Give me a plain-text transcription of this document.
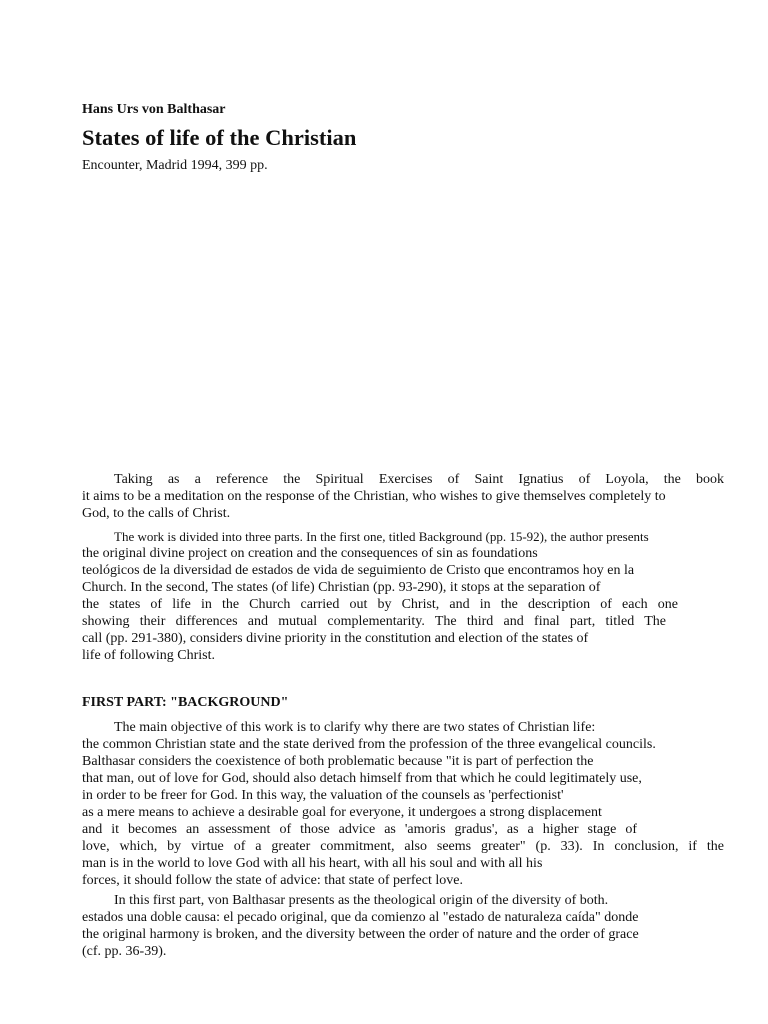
Hans Urs von Balthasar
States of life of the Christian
Encounter, Madrid 1994, 399 pp.
Taking as a reference the Spiritual Exercises of Saint Ignatius of Loyola, the book
it aims to be a meditation on the response of the Christian, who wishes to give themselves completely to
God, to the calls of Christ.
The work is divided into three parts. In the first one, titled Background (pp. 15-92), the author presents
the original divine project on creation and the consequences of sin as foundations
teológicos de la diversidad de estados de vida de seguimiento de Cristo que encontramos hoy en la
Church. In the second, The states (of life) Christian (pp. 93-290), it stops at the separation of
the states of life in the Church carried out by Christ, and in the description of each one
showing their differences and mutual complementarity. The third and final part, titled The
call (pp. 291-380), considers divine priority in the constitution and election of the states of
life of following Christ.
FIRST PART: "BACKGROUND"
The main objective of this work is to clarify why there are two states of Christian life:
the common Christian state and the state derived from the profession of the three evangelical councils.
Balthasar considers the coexistence of both problematic because "it is part of perfection the
that man, out of love for God, should also detach himself from that which he could legitimately use,
in order to be freer for God. In this way, the valuation of the counsels as 'perfectionist'
as a mere means to achieve a desirable goal for everyone, it undergoes a strong displacement
and it becomes an assessment of those advice as 'amoris gradus', as a higher stage of
love, which, by virtue of a greater commitment, also seems greater" (p. 33). In conclusion, if the
man is in the world to love God with all his heart, with all his soul and with all his
forces, it should follow the state of advice: that state of perfect love.
In this first part, von Balthasar presents as the theological origin of the diversity of both.
estados una doble causa: el pecado original, que da comienzo al "estado de naturaleza caída" donde
the original harmony is broken, and the diversity between the order of nature and the order of grace
(cf. pp. 36-39).
